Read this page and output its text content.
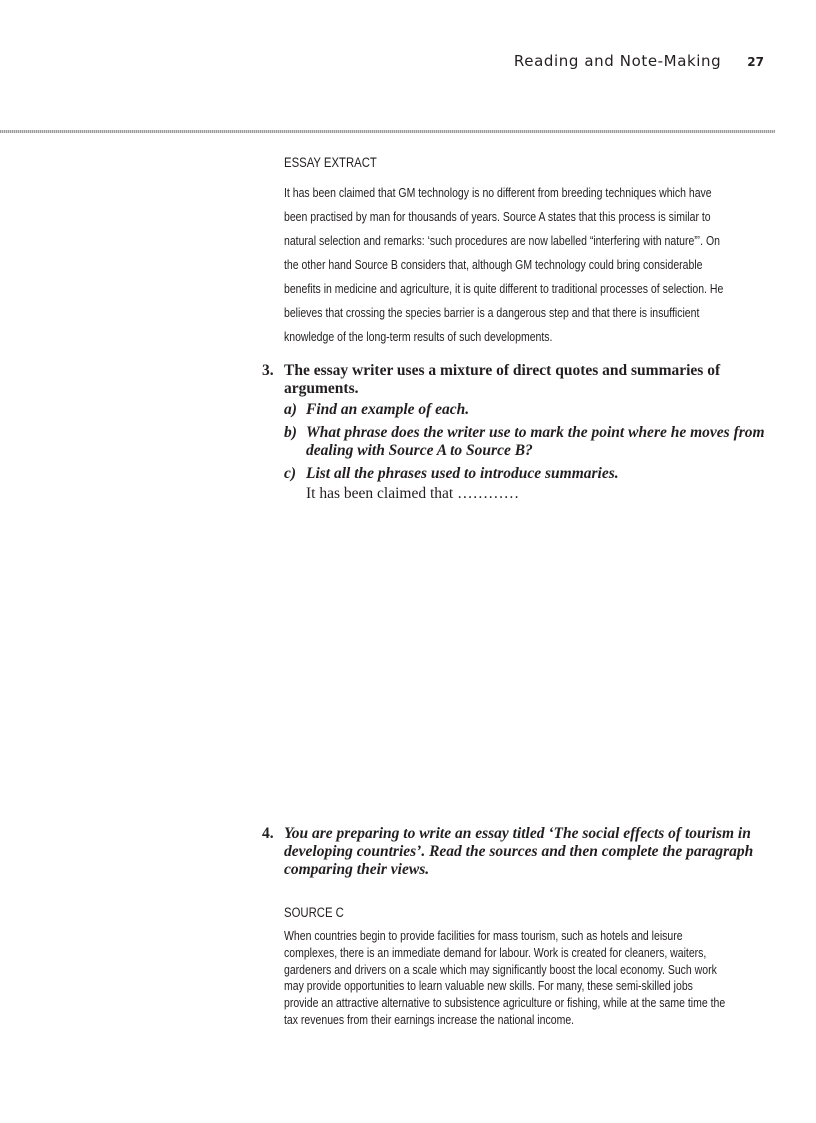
Reading and Note-Making 27
ESSAY EXTRACT
It has been claimed that GM technology is no different from breeding techniques which have
been practised by man for thousands of years. Source A states that this process is similar to
natural selection and remarks: ‘such procedures are now labelled “interfering with nature”’. On
the other hand Source B considers that, although GM technology could bring considerable
benefits in medicine and agriculture, it is quite different to traditional processes of selection. He
believes that crossing the species barrier is a dangerous step and that there is insufficient
knowledge of the long-term results of such developments.
3. The essay writer uses a mixture of direct quotes and summaries of arguments.
a) Find an example of each.
b) What phrase does the writer use to mark the point where he moves from dealing with Source A to Source B?
c) List all the phrases used to introduce summaries.
It has been claimed that …………
4. You are preparing to write an essay titled ‘The social effects of tourism in developing countries’. Read the sources and then complete the paragraph comparing their views.
SOURCE C
When countries begin to provide facilities for mass tourism, such as hotels and leisure
complexes, there is an immediate demand for labour. Work is created for cleaners, waiters,
gardeners and drivers on a scale which may significantly boost the local economy. Such work
may provide opportunities to learn valuable new skills. For many, these semi-skilled jobs
provide an attractive alternative to subsistence agriculture or fishing, while at the same time the
tax revenues from their earnings increase the national income.
